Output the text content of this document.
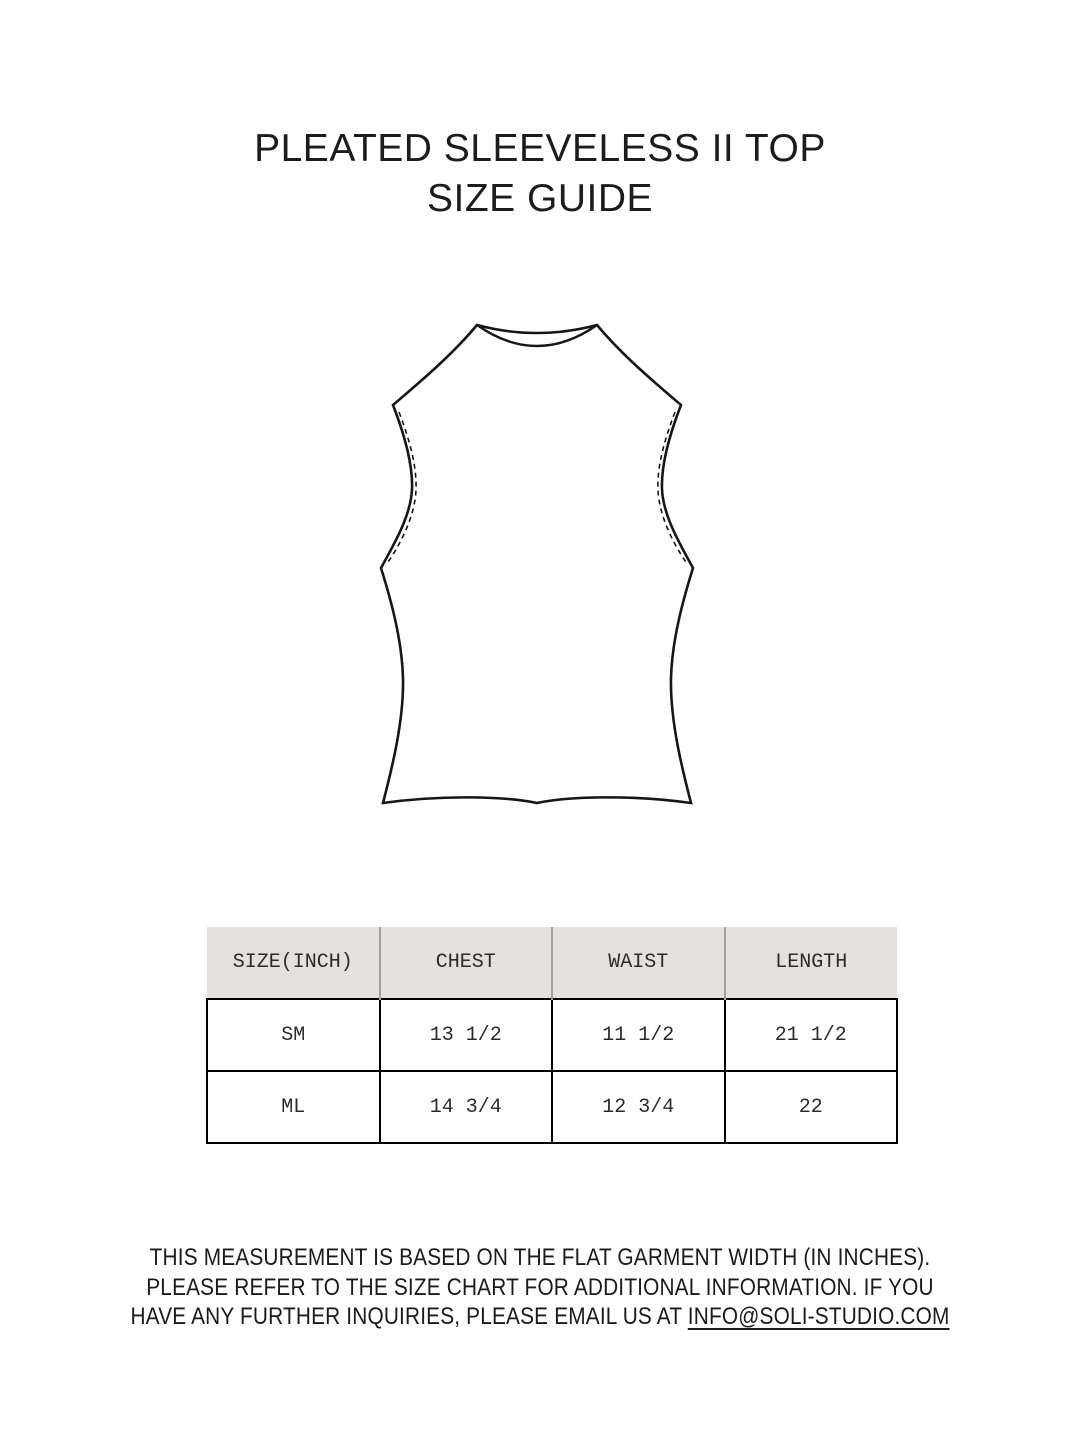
PLEATED SLEEVELESS II TOP
SIZE GUIDE
SIZE(INCH)	CHEST	WAIST	LENGTH
SM	13 1/2	11 1/2	21 1/2
ML	14 3/4	12 3/4	22
THIS MEASUREMENT IS BASED ON THE FLAT GARMENT WIDTH (IN INCHES).
PLEASE REFER TO THE SIZE CHART FOR ADDITIONAL INFORMATION. IF YOU
HAVE ANY FURTHER INQUIRIES, PLEASE EMAIL US AT INFO@SOLI-STUDIO.COM
